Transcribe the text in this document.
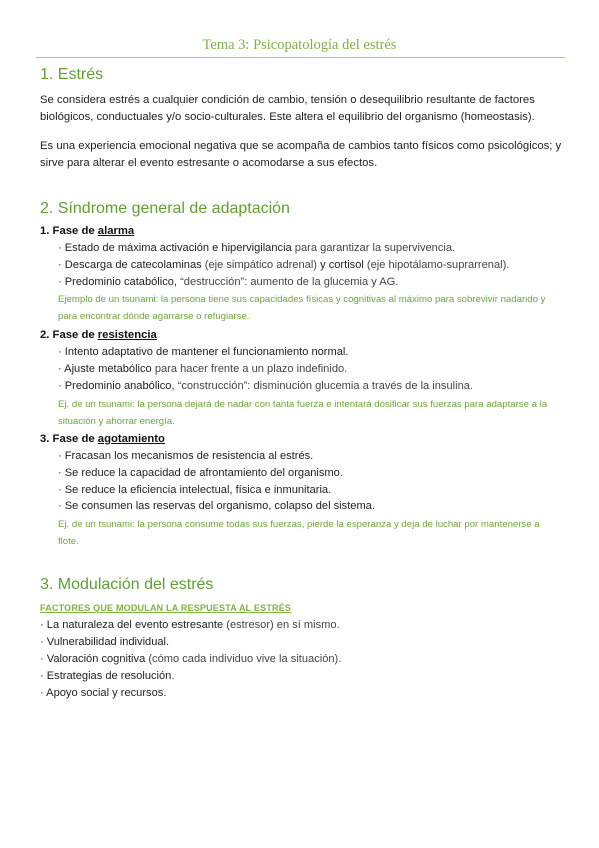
Tema 3: Psicopatología del estrés
1. Estrés
Se considera estrés a cualquier condición de cambio, tensión o desequilibrio resultante de factores biológicos, conductuales y/o socio-culturales. Este altera el equilibrio del organismo (homeostasis).
Es una experiencia emocional negativa que se acompaña de cambios tanto físicos como psicológicos; y sirve para alterar el evento estresante o acomodarse a sus efectos.
2. Síndrome general de adaptación
1. Fase de alarma
· Estado de máxima activación e hipervigilancia para garantizar la supervivencia.
· Descarga de catecolaminas (eje simpático adrenal) y cortisol (eje hipotálamo-suprarrenal).
· Predominio catabólico, “destrucción”: aumento de la glucemia y AG.
Ejemplo de un tsunami: la persona tiene sus capacidades físicas y cognitivas al máximo para sobrevivir nadando y para encontrar dónde agarrarse o refugiarse.
2. Fase de resistencia
· Intento adaptativo de mantener el funcionamiento normal.
· Ajuste metabólico para hacer frente a un plazo indefinido.
· Predominio anabólico, “construcción”: disminución glucemia a través de la insulina.
Ej. de un tsunami: la persona dejará de nadar con tanta fuerza e intentará dosificar sus fuerzas para adaptarse a la situación y ahorrar energía.
3. Fase de agotamiento
· Fracasan los mecanismos de resistencia al estrés.
· Se reduce la capacidad de afrontamiento del organismo.
· Se reduce la eficiencia intelectual, física e inmunitaria.
· Se consumen las reservas del organismo, colapso del sistema.
Ej. de un tsunami: la persona consume todas sus fuerzas, pierde la esperanza y deja de luchar por mantenerse a flote.
3. Modulación del estrés
FACTORES QUE MODULAN LA RESPUESTA AL ESTRÉS
· La naturaleza del evento estresante (estresor) en sí mismo.
· Vulnerabilidad individual.
· Valoración cognitiva (cómo cada individuo vive la situación).
· Estrategias de resolución.
· Apoyo social y recursos.
